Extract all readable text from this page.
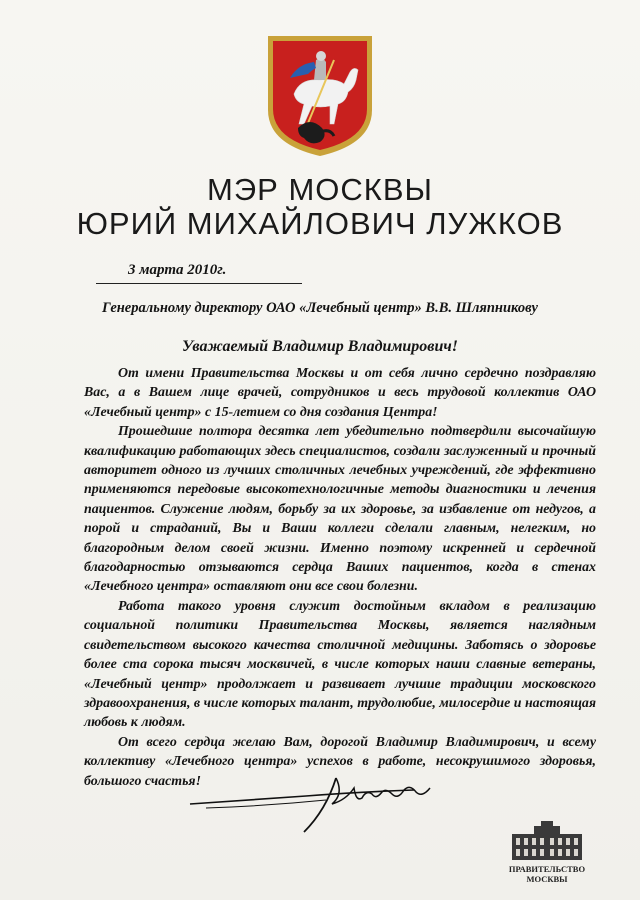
МЭР МОСКВЫ
ЮРИЙ МИХАЙЛОВИЧ ЛУЖКОВ
3 марта 2010г.
Генеральному директору ОАО «Лечебный центр» В.В. Шляпникову
Уважаемый Владимир Владимирович!

От имени Правительства Москвы и от себя лично сердечно поздравляю Вас, а в Вашем лице врачей, сотрудников и весь трудовой коллектив ОАО «Лечебный центр» с 15-летием со дня создания Центра!

Прошедшие полтора десятка лет убедительно подтвердили высочайшую квалификацию работающих здесь специалистов, создали заслуженный и прочный авторитет одного из лучших столичных лечебных учреждений, где эффективно применяются передовые высокотехнологичные методы диагностики и лечения пациентов. Служение людям, борьбу за их здоровье, за избавление от недугов, а порой и страданий, Вы и Ваши коллеги сделали главным, нелегким, но благородным делом своей жизни. Именно поэтому искренней и сердечной благодарностью отзываются сердца Ваших пациентов, когда в стенах «Лечебного центра» оставляют они все свои болезни.

Работа такого уровня служит достойным вкладом в реализацию социальной политики Правительства Москвы, является наглядным свидетельством высокого качества столичной медицины. Заботясь о здоровье более ста сорока тысяч москвичей, в числе которых наши славные ветераны, «Лечебный центр» продолжает и развивает лучшие традиции московского здравоохранения, в числе которых талант, трудолюбие, милосердие и настоящая любовь к людям.

От всего сердца желаю Вам, дорогой Владимир Владимирович, и всему коллективу «Лечебного центра» успехов в работе, несокрушимого здоровья, большого счастья!

ПРАВИТЕЛЬСТВО
МОСКВЫ
